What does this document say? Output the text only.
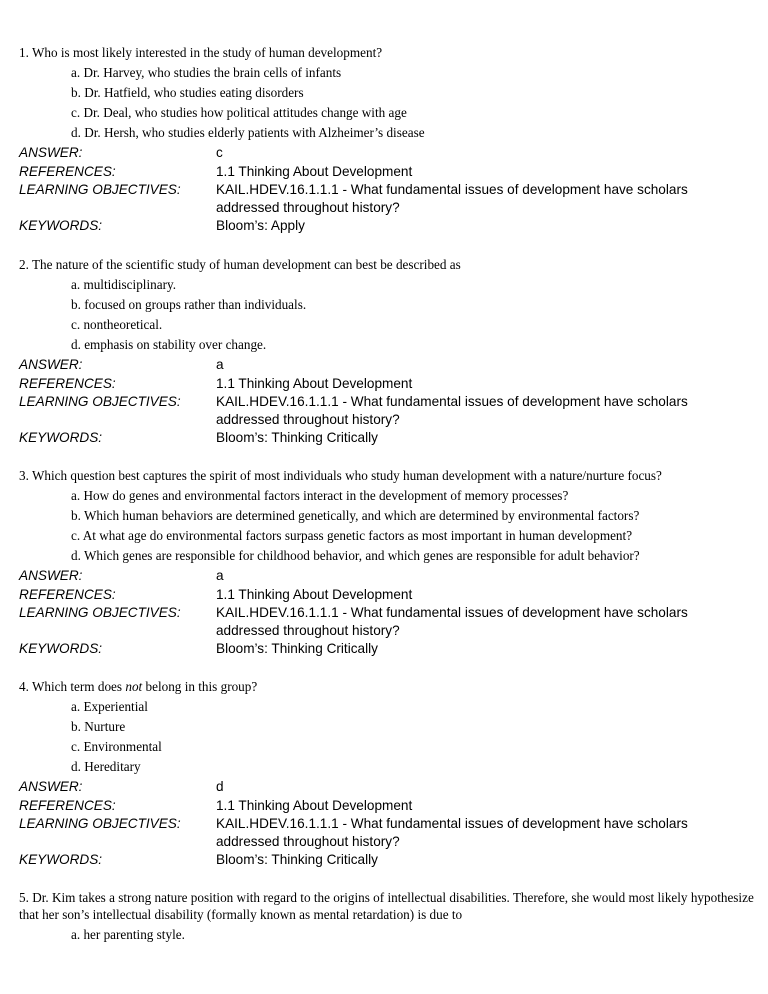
1. Who is most likely interested in the study of human development?
a. Dr. Harvey, who studies the brain cells of infants
b. Dr. Hatfield, who studies eating disorders
c. Dr. Deal, who studies how political attitudes change with age
d. Dr. Hersh, who studies elderly patients with Alzheimer’s disease
ANSWER:	c
REFERENCES:	1.1 Thinking About Development
LEARNING OBJECTIVES:	KAIL.HDEV.16.1.1.1 - What fundamental issues of development have scholars addressed throughout history?
KEYWORDS:	Bloom’s: Apply
2. The nature of the scientific study of human development can best be described as
a. multidisciplinary.
b. focused on groups rather than individuals.
c. nontheoretical.
d. emphasis on stability over change.
ANSWER:	a
REFERENCES:	1.1 Thinking About Development
LEARNING OBJECTIVES:	KAIL.HDEV.16.1.1.1 - What fundamental issues of development have scholars addressed throughout history?
KEYWORDS:	Bloom’s: Thinking Critically
3. Which question best captures the spirit of most individuals who study human development with a nature/nurture focus?
a. How do genes and environmental factors interact in the development of memory processes?
b. Which human behaviors are determined genetically, and which are determined by environmental factors?
c. At what age do environmental factors surpass genetic factors as most important in human development?
d. Which genes are responsible for childhood behavior, and which genes are responsible for adult behavior?
ANSWER:	a
REFERENCES:	1.1 Thinking About Development
LEARNING OBJECTIVES:	KAIL.HDEV.16.1.1.1 - What fundamental issues of development have scholars addressed throughout history?
KEYWORDS:	Bloom’s: Thinking Critically
4. Which term does not belong in this group?
a. Experiential
b. Nurture
c. Environmental
d. Hereditary
ANSWER:	d
REFERENCES:	1.1 Thinking About Development
LEARNING OBJECTIVES:	KAIL.HDEV.16.1.1.1 - What fundamental issues of development have scholars addressed throughout history?
KEYWORDS:	Bloom’s: Thinking Critically
5. Dr. Kim takes a strong nature position with regard to the origins of intellectual disabilities. Therefore, she would most likely hypothesize that her son’s intellectual disability (formally known as mental retardation) is due to
a. her parenting style.
